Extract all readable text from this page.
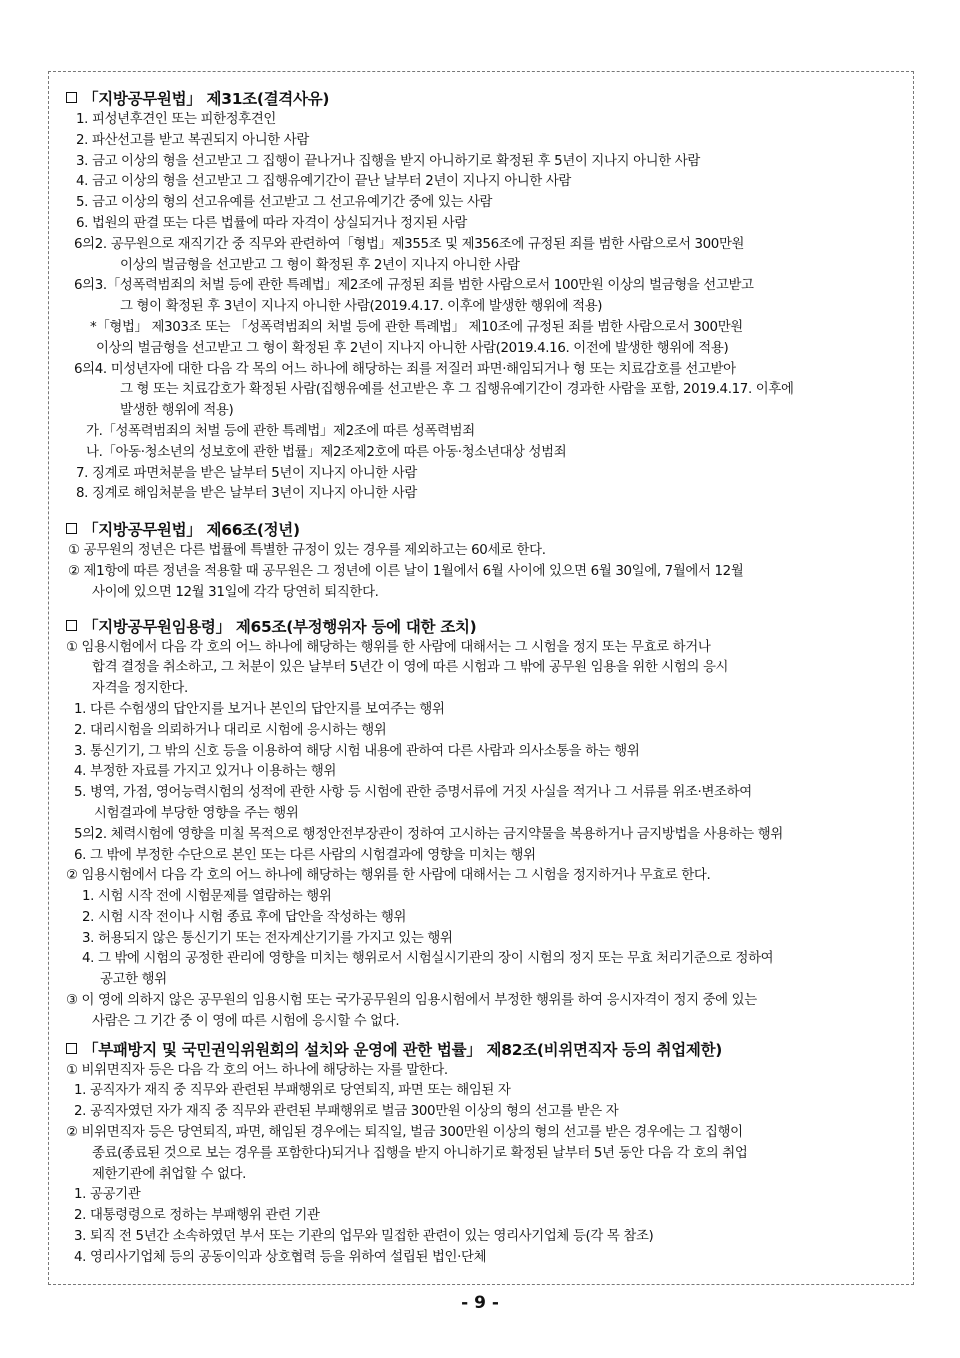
「지방공무원법」 제31조(결격사유)
1. 피성년후견인 또는 피한정후견인
2. 파산선고를 받고 복권되지 아니한 사람
3. 금고 이상의 형을 선고받고 그 집행이 끝나거나 집행을 받지 아니하기로 확정된 후 5년이 지나지 아니한 사람
4. 금고 이상의 형을 선고받고 그 집행유예기간이 끝난 날부터 2년이 지나지 아니한 사람
5. 금고 이상의 형의 선고유예를 선고받고 그 선고유예기간 중에 있는 사람
6. 법원의 판결 또는 다른 법률에 따라 자격이 상실되거나 정지된 사람
6의2. 공무원으로 재직기간 중 직무와 관련하여「형법」제355조 및 제356조에 규정된 죄를 범한 사람으로서 300만원
이상의 벌금형을 선고받고 그 형이 확정된 후 2년이 지나지 아니한 사람
6의3.「성폭력범죄의 처벌 등에 관한 특례법」제2조에 규정된 죄를 범한 사람으로서 100만원 이상의 벌금형을 선고받고
그 형이 확정된 후 3년이 지나지 아니한 사람(2019.4.17. 이후에 발생한 행위에 적용)
*「형법」 제303조 또는 「성폭력범죄의 처벌 등에 관한 특례법」 제10조에 규정된 죄를 범한 사람으로서 300만원
이상의 벌금형을 선고받고 그 형이 확정된 후 2년이 지나지 아니한 사람(2019.4.16. 이전에 발생한 행위에 적용)
6의4. 미성년자에 대한 다음 각 목의 어느 하나에 해당하는 죄를 저질러 파면·해임되거나 형 또는 치료감호를 선고받아
그 형 또는 치료감호가 확정된 사람(집행유예를 선고받은 후 그 집행유예기간이 경과한 사람을 포함, 2019.4.17. 이후에
발생한 행위에 적용)
가.「성폭력범죄의 처벌 등에 관한 특례법」제2조에 따른 성폭력범죄
나.「아동·청소년의 성보호에 관한 법률」제2조제2호에 따른 아동·청소년대상 성범죄
7. 징계로 파면처분을 받은 날부터 5년이 지나지 아니한 사람
8. 징계로 해임처분을 받은 날부터 3년이 지나지 아니한 사람
「지방공무원법」 제66조(정년)
① 공무원의 정년은 다른 법률에 특별한 규정이 있는 경우를 제외하고는 60세로 한다.
② 제1항에 따른 정년을 적용할 때 공무원은 그 정년에 이른 날이 1월에서 6월 사이에 있으면 6월 30일에, 7월에서 12월
사이에 있으면 12월 31일에 각각 당연히 퇴직한다.
「지방공무원임용령」 제65조(부정행위자 등에 대한 조치)
① 임용시험에서 다음 각 호의 어느 하나에 해당하는 행위를 한 사람에 대해서는 그 시험을 정지 또는 무효로 하거나
합격 결정을 취소하고, 그 처분이 있은 날부터 5년간 이 영에 따른 시험과 그 밖에 공무원 임용을 위한 시험의 응시
자격을 정지한다.
1. 다른 수험생의 답안지를 보거나 본인의 답안지를 보여주는 행위
2. 대리시험을 의뢰하거나 대리로 시험에 응시하는 행위
3. 통신기기, 그 밖의 신호 등을 이용하여 해당 시험 내용에 관하여 다른 사람과 의사소통을 하는 행위
4. 부정한 자료를 가지고 있거나 이용하는 행위
5. 병역, 가점, 영어능력시험의 성적에 관한 사항 등 시험에 관한 증명서류에 거짓 사실을 적거나 그 서류를 위조·변조하여
시험결과에 부당한 영향을 주는 행위
5의2. 체력시험에 영향을 미칠 목적으로 행정안전부장관이 정하여 고시하는 금지약물을 복용하거나 금지방법을 사용하는 행위
6. 그 밖에 부정한 수단으로 본인 또는 다른 사람의 시험결과에 영향을 미치는 행위
② 임용시험에서 다음 각 호의 어느 하나에 해당하는 행위를 한 사람에 대해서는 그 시험을 정지하거나 무효로 한다.
1. 시험 시작 전에 시험문제를 열람하는 행위
2. 시험 시작 전이나 시험 종료 후에 답안을 작성하는 행위
3. 허용되지 않은 통신기기 또는 전자계산기기를 가지고 있는 행위
4. 그 밖에 시험의 공정한 관리에 영향을 미치는 행위로서 시험실시기관의 장이 시험의 정지 또는 무효 처리기준으로 정하여
공고한 행위
③ 이 영에 의하지 않은 공무원의 임용시험 또는 국가공무원의 임용시험에서 부정한 행위를 하여 응시자격이 정지 중에 있는
사람은 그 기간 중 이 영에 따른 시험에 응시할 수 없다.
「부패방지 및 국민권익위원회의 설치와 운영에 관한 법률」 제82조(비위면직자 등의 취업제한)
① 비위면직자 등은 다음 각 호의 어느 하나에 해당하는 자를 말한다.
1. 공직자가 재직 중 직무와 관련된 부패행위로 당연퇴직, 파면 또는 해임된 자
2. 공직자였던 자가 재직 중 직무와 관련된 부패행위로 벌금 300만원 이상의 형의 선고를 받은 자
② 비위면직자 등은 당연퇴직, 파면, 해임된 경우에는 퇴직일, 벌금 300만원 이상의 형의 선고를 받은 경우에는 그 집행이
종료(종료된 것으로 보는 경우를 포함한다)되거나 집행을 받지 아니하기로 확정된 날부터 5년 동안 다음 각 호의 취업
제한기관에 취업할 수 없다.
1. 공공기관
2. 대통령령으로 정하는 부패행위 관련 기관
3. 퇴직 전 5년간 소속하였던 부서 또는 기관의 업무와 밀접한 관련이 있는 영리사기업체 등(각 목 참조)
4. 영리사기업체 등의 공동이익과 상호협력 등을 위하여 설립된 법인·단체
- 9 -
